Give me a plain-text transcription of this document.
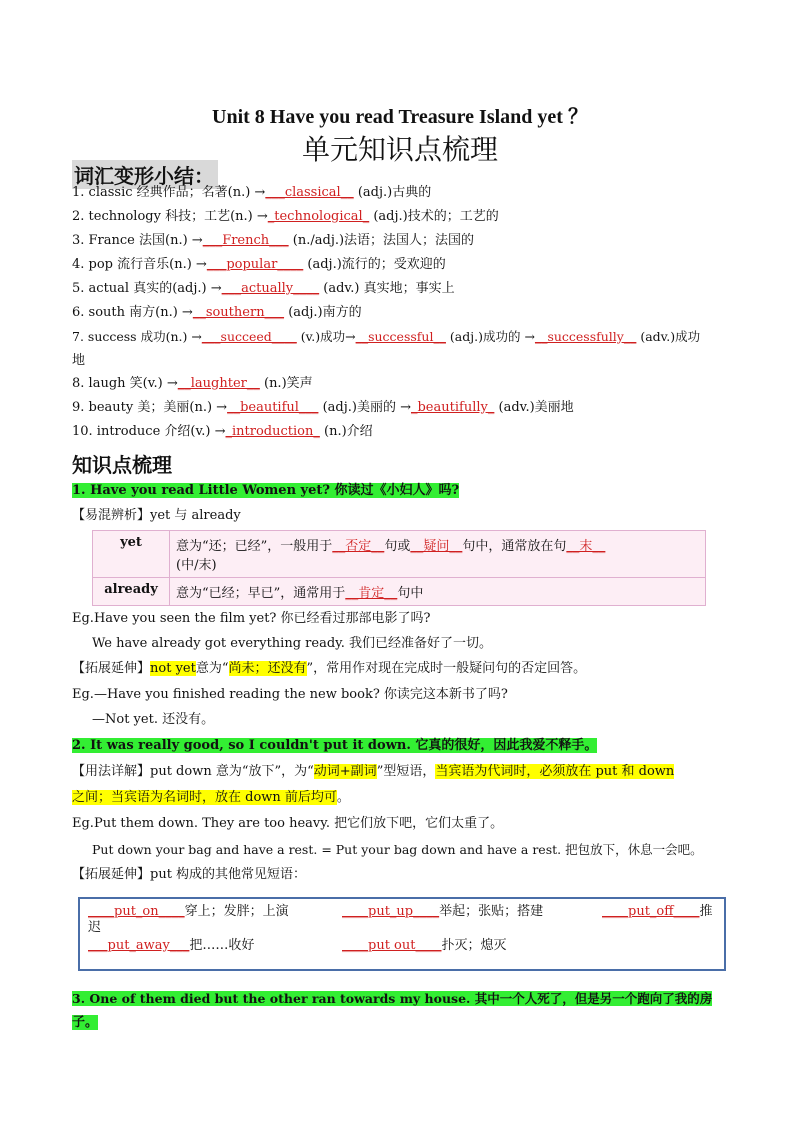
Unit 8 Have you read Treasure Island yet ？
单元知识点梳理
词汇变形小结：
1. classic 经典作品；名著(n.) →___classical__ (adj.)古典的
2. technology 科技；工艺(n.) →_technological_ (adj.)技术的；工艺的
3. France 法国(n.) →___French___ (n./adj.)法语；法国人；法国的
4. pop 流行音乐(n.) →___popular____ (adj.)流行的；受欢迎的
5. actual 真实的(adj.) →___actually____ (adv.) 真实地；事实上
6. south 南方(n.) →__southern___ (adj.)南方的
7. success 成功(n.) →___succeed____ (v.)成功→__successful__ (adj.)成功的 →__successfully__ (adv.)成功
地
8. laugh 笑(v.) →__laughter__ (n.)笑声
9. beauty 美；美丽(n.) →__beautiful___ (adj.)美丽的 →_beautifully_ (adv.)美丽地
10. introduce 介绍(v.) →_introduction_ (n.)介绍
知识点梳理
1. Have you read Little Women yet? 你读过《小妇人》吗?
【易混辨析】yet 与 already
yet	意为“还；已经”，一般用于__否定__句或__疑问__句中，通常放在句__末__
(中/末)
already	意为“已经；早已”，通常用于__肯定__句中
Eg.Have you seen the film yet? 你已经看过那部电影了吗?
We have already got everything ready. 我们已经准备好了一切。
【拓展延伸】not yet意为“尚未；还没有”，常用作对现在完成时一般疑问句的否定回答。
Eg.—Have you finished reading the new book? 你读完这本新书了吗?
—Not yet. 还没有。
2. It was really good, so I couldn't put it down. 它真的很好，因此我爱不释手。
【用法详解】put down 意为“放下”，为“动词+副词”型短语，当宾语为代词时，必须放在 put 和 down
之间；当宾语为名词时，放在 down 前后均可。
Eg.Put them down. They are too heavy. 把它们放下吧，它们太重了。
Put down your bag and have a rest. = Put your bag down and have a rest. 把包放下，休息一会吧。
【拓展延伸】put 构成的其他常见短语：
____put_on____穿上；发胖；上演	____put_up____举起；张贴；搭建	____put_off____推
迟
___put_away___把……收好	____put out____扑灭；熄灭
3. One of them died but the other ran towards my house. 其中一个人死了，但是另一个跑向了我的房
子。
